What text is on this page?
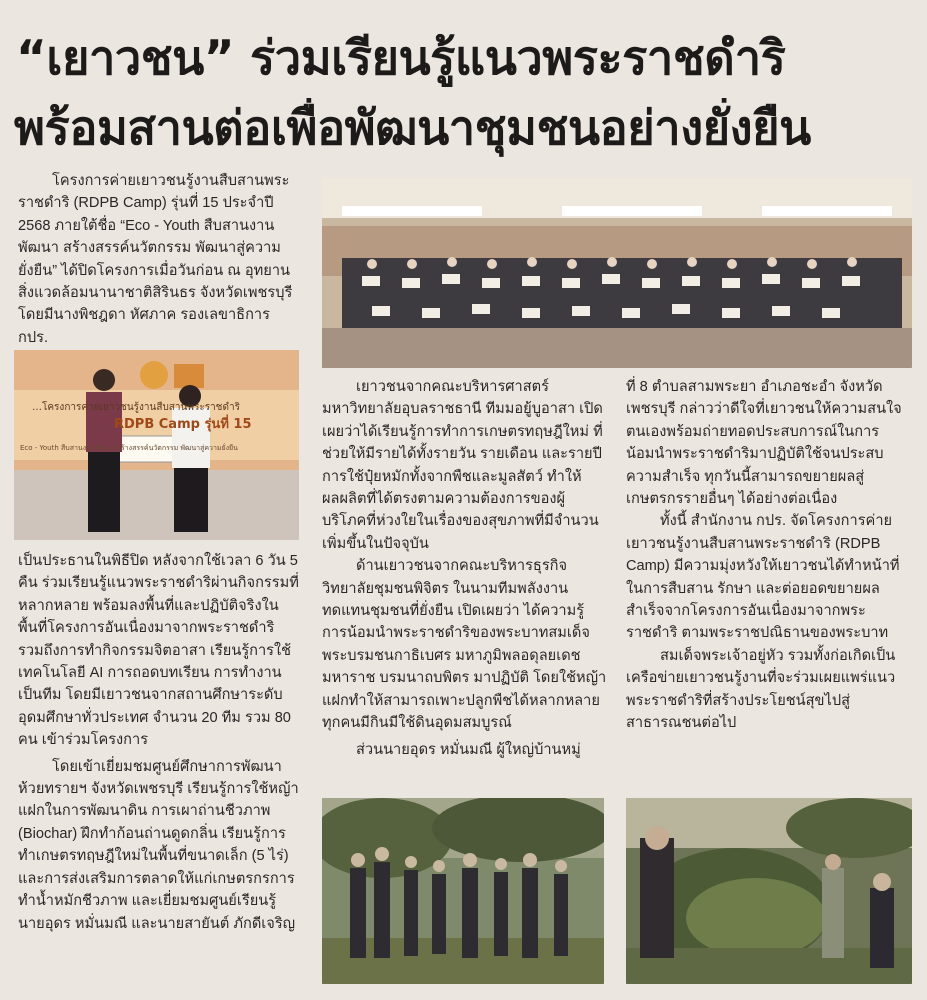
“เยาวชน” ร่วมเรียนรู้แนวพระราชดำริ
พร้อมสานต่อเพื่อพัฒนาชุมชนอย่างยั่งยืน

โครงการค่ายเยาวชนรู้งานสืบสานพระราชดำริ (RDPB Camp) รุ่นที่ 15 ประจำปี 2568 ภายใต้ชื่อ “Eco - Youth สืบสานงานพัฒนา สร้างสรรค์นวัตกรรม พัฒนาสู่ความยั่งยืน” ได้ปิดโครงการเมื่อวันก่อน ณ อุทยานสิ่งแวดล้อมนานาชาติสิรินธร จังหวัดเพชรบุรี โดยมีนางพิชฎดา หัศภาค รองเลขาธิการ กปร.

…โครงการค่ายเยาวชนรู้งานสืบสานพระราชดำริ
RDPB Camp รุ่นที่ 15
Eco - Youth สืบสานงานพัฒนา สร้างสรรค์นวัตกรรม พัฒนาสู่ความยั่งยืน

เป็นประธานในพิธีปิด หลังจากใช้เวลา 6 วัน 5 คืน ร่วมเรียนรู้แนวพระราชดำริผ่านกิจกรรมที่หลากหลาย พร้อมลงพื้นที่และปฏิบัติจริงในพื้นที่โครงการอันเนื่องมาจากพระราชดำริ รวมถึงการทำกิจกรรมจิตอาสา เรียนรู้การใช้เทคโนโลยี AI การถอดบทเรียน การทำงานเป็นทีม โดยมีเยาวชนจากสถานศึกษาระดับอุดมศึกษาทั่วประเทศ จำนวน 20 ทีม รวม 80 คน เข้าร่วมโครงการ

โดยเข้าเยี่ยมชมศูนย์ศึกษาการพัฒนาห้วยทรายฯ จังหวัดเพชรบุรี เรียนรู้การใช้หญ้าแฝกในการพัฒนาดิน การเผาถ่านชีวภาพ (Biochar) ฝึกทำก้อนถ่านดูดกลิ่น เรียนรู้การทำเกษตรทฤษฎีใหม่ในพื้นที่ขนาดเล็ก (5 ไร่) และการส่งเสริมการตลาดให้แก่เกษตรกรการทำน้ำหมักชีวภาพ และเยี่ยมชมศูนย์เรียนรู้นายอุดร หมั่นมณี และนายสายันต์ ภักดีเจริญ

เยาวชนจากคณะบริหารศาสตร์ มหาวิทยาลัยอุบลราชธานี ทีมมอยู้บูอาสา เปิดเผยว่าได้เรียนรู้การทำการเกษตรทฤษฎีใหม่ ที่ช่วยให้มีรายได้ทั้งรายวัน รายเดือน และรายปี การใช้ปุ๋ยหมักทั้งจากพืชและมูลสัตว์ ทำให้ผลผลิตที่ได้ตรงตามความต้องการของผู้บริโภคที่ห่วงใยในเรื่องของสุขภาพที่มีจำนวนเพิ่มขึ้นในปัจจุบัน

ด้านเยาวชนจากคณะบริหารธุรกิจ วิทยาลัยชุมชนพิจิตร ในนามทีมพลังงานทดแทนชุมชนที่ยั่งยืน เปิดเผยว่า ได้ความรู้การน้อมนำพระราชดำริของพระบาทสมเด็จพระบรมชนกาธิเบศร มหาภูมิพลอดุลยเดชมหาราช บรมนาถบพิตร มาปฏิบัติ โดยใช้หญ้าแฝกทำให้สามารถเพาะปลูกพืชได้หลากหลาย ทุกคนมีกินมีใช้ดินอุดมสมบูรณ์

ส่วนนายอุดร หมั่นมณี ผู้ใหญ่บ้านหมู่

ที่ 8 ตำบลสามพระยา อำเภอชะอำ จังหวัดเพชรบุรี กล่าวว่าดีใจที่เยาวชนให้ความสนใจตนเองพร้อมถ่ายทอดประสบการณ์ในการน้อมนำพระราชดำริมาปฏิบัติใช้จนประสบความสำเร็จ ทุกวันนี้สามารถขยายผลสู่เกษตรกรรายอื่นๆ ได้อย่างต่อเนื่อง

ทั้งนี้ สำนักงาน กปร. จัดโครงการค่ายเยาวชนรู้งานสืบสานพระราชดำริ (RDPB Camp) มีความมุ่งหวังให้เยาวชนได้ทำหน้าที่ในการสืบสาน รักษา และต่อยอดขยายผลสำเร็จจากโครงการอันเนื่องมาจากพระราชดำริ ตามพระราชปณิธานของพระบาท

สมเด็จพระเจ้าอยู่หัว รวมทั้งก่อเกิดเป็นเครือข่ายเยาวชนรู้งานที่จะร่วมเผยแพร่แนวพระราชดำริที่สร้างประโยชน์สุขไปสู่สาธารณชนต่อไป
